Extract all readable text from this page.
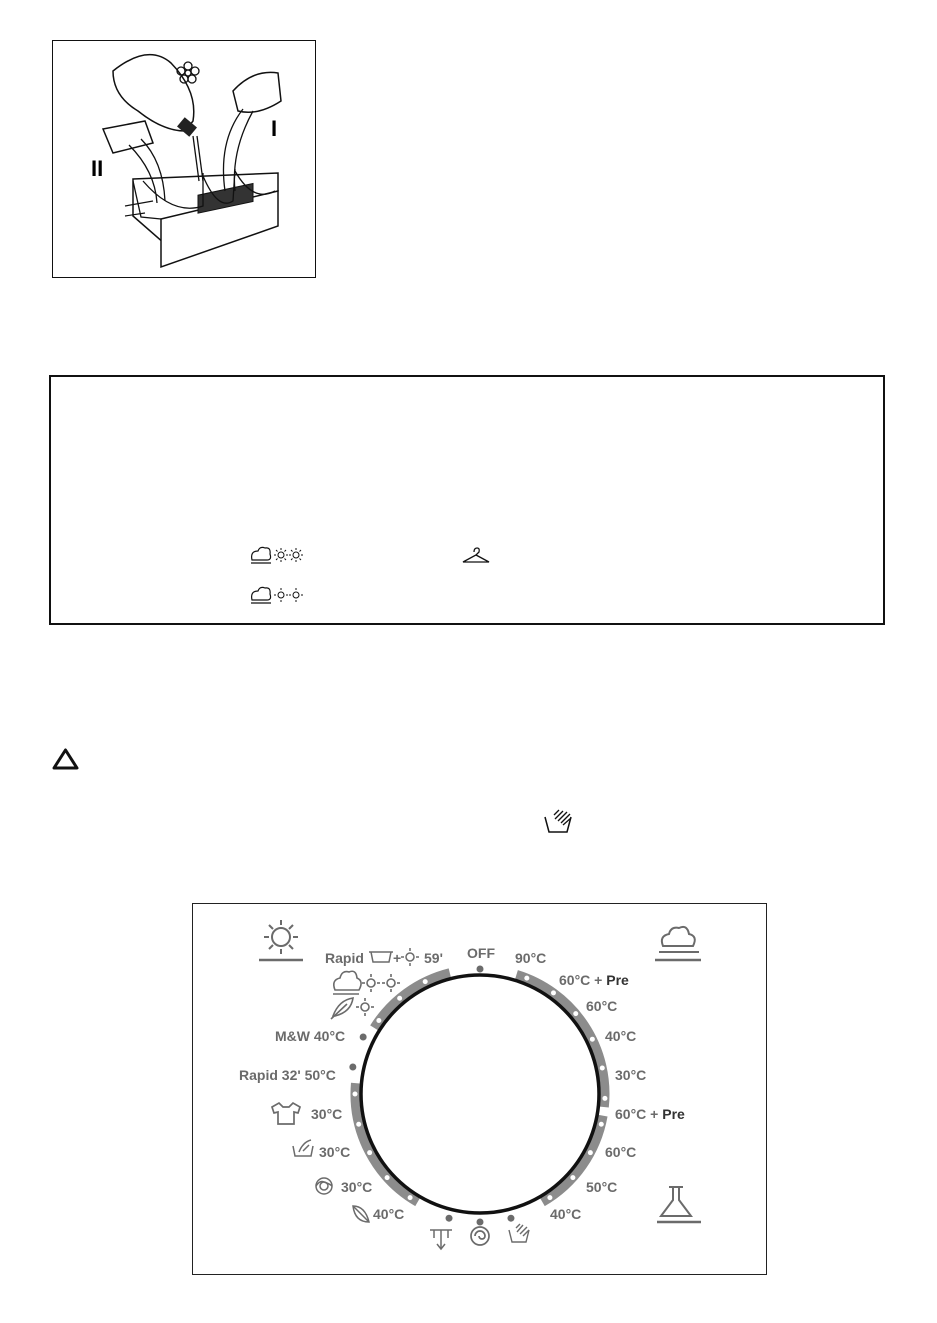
I
II
OFF 90°C
60°C + Pre
60°C
40°C
30°C
60°C + Pre
60°C
50°C
40°C
Rapid + 59'
M&W 40°C
Rapid 32' 50°C
30°C
30°C
30°C
40°C
